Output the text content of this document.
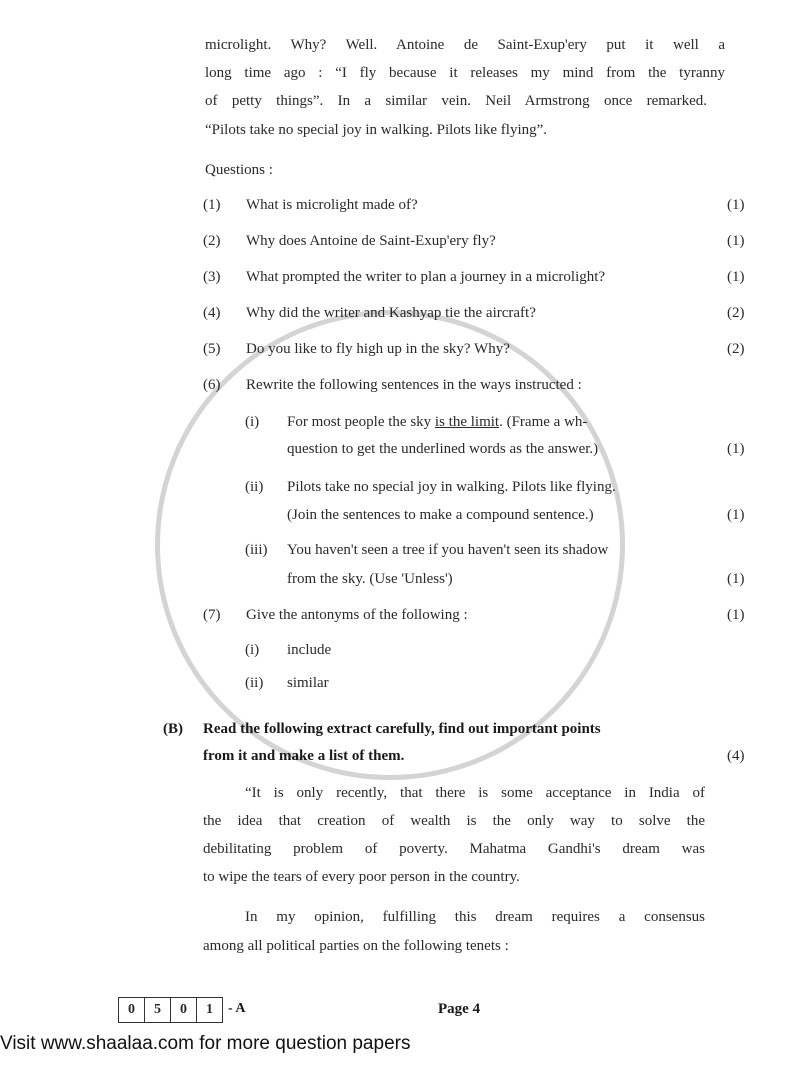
microlight. Why? Well. Antoine de Saint-Exup'ery put it well a
long time ago : “I fly because it releases my mind from the tyranny
of petty things”. In a similar vein. Neil Armstrong once remarked.
“Pilots take no special joy in walking. Pilots like flying”.
Questions :
(1) What is microlight made of?	(1)
(2) Why does Antoine de Saint-Exup'ery fly?	(1)
(3) What prompted the writer to plan a journey in a microlight?	(1)
(4) Why did the writer and Kashyap tie the aircraft?	(2)
(5) Do you like to fly high up in the sky? Why?	(2)
(6) Rewrite the following sentences in the ways instructed :
(i) For most people the sky is the limit. (Frame a wh-
question to get the underlined words as the answer.)	(1)
(ii) Pilots take no special joy in walking. Pilots like flying.
(Join the sentences to make a compound sentence.)	(1)
(iii) You haven't seen a tree if you haven't seen its shadow
from the sky. (Use 'Unless')	(1)
(7) Give the antonyms of the following :	(1)
(i) include
(ii) similar
(B) Read the following extract carefully, find out important points
from it and make a list of them.	(4)
“It is only recently, that there is some acceptance in India of
the idea that creation of wealth is the only way to solve the
debilitating problem of poverty. Mahatma Gandhi's dream was
to wipe the tears of every poor person in the country.
In my opinion, fulfilling this dream requires a consensus
among all political parties on the following tenets :
0	5	0	1	- A	Page 4
Visit www.shaalaa.com for more question papers
